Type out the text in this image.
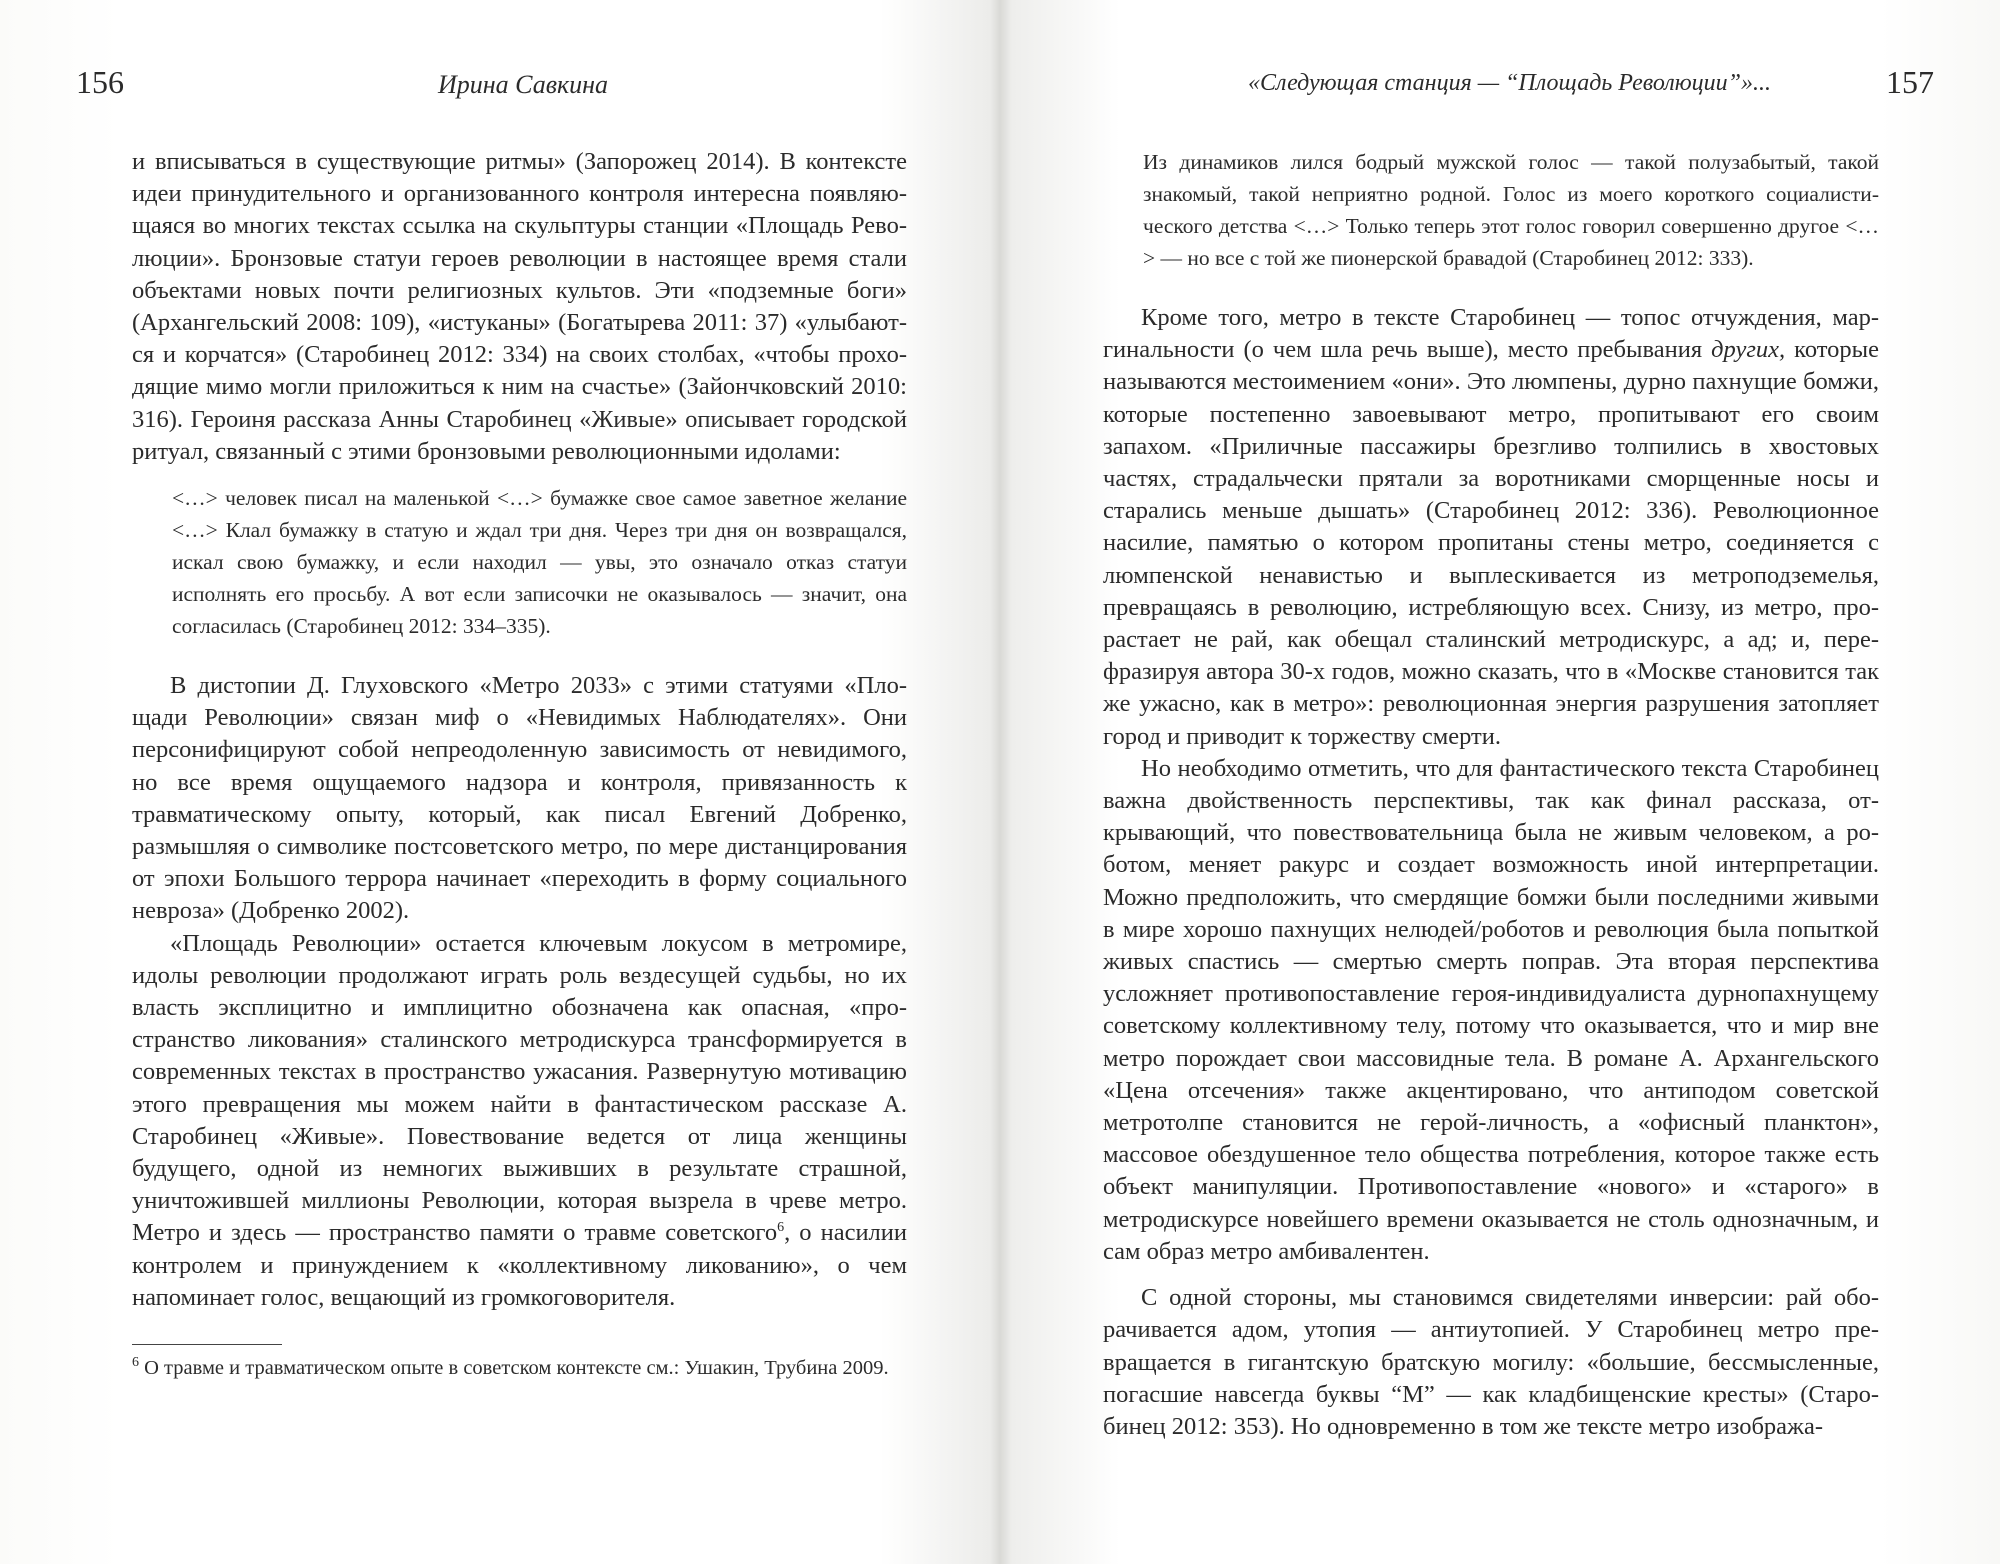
156	Ирина Савкина

и вписываться в существующие ритмы» (Запорожец 2014). В контексте идеи принудительного и организованного контроля интересна появляющаяся во многих текстах ссылка на скульптуры станции «Площадь Революции». Бронзовые статуи героев революции в настоящее время стали объектами новых почти религиозных культов. Эти «подземные боги» (Архангельский 2008: 109), «истуканы» (Богатырева 2011: 37) «улыбаются и корчатся» (Старобинец 2012: 334) на своих столбах, «чтобы проходящие мимо могли приложиться к ним на счастье» (Зайончковский 2010: 316). Героиня рассказа Анны Старобинец «Живые» описывает городской ритуал, связанный с этими бронзовыми революционными идолами:

<…> человек писал на маленькой <…> бумажке свое самое заветное желание <…> Клал бумажку в статую и ждал три дня. Через три дня он возвращался, искал свою бумажку, и если находил — увы, это означало отказ статуи исполнять его просьбу. А вот если записочки не оказывалось — значит, она согласилась (Старобинец 2012: 334–335).

В дистопии Д. Глуховского «Метро 2033» с этими статуями «Площади Революции» связан миф о «Невидимых Наблюдателях». Они персонифицируют собой непреодоленную зависимость от невидимого, но все время ощущаемого надзора и контроля, привязанность к травматическому опыту, который, как писал Евгений Добренко, размышляя о символике постсоветского метро, по мере дистанцирования от эпохи Большого террора начинает «переходить в форму социального невроза» (Добренко 2002).

«Площадь Революции» остается ключевым локусом в метромире, идолы революции продолжают играть роль вездесущей судьбы, но их власть эксплицитно и имплицитно обозначена как опасная, «пространство ликования» сталинского метродискурса трансформируется в современных текстах в пространство ужасания. Развернутую мотивацию этого превращения мы можем найти в фантастическом рассказе А. Старобинец «Живые». Повествование ведется от лица женщины будущего, одной из немногих выживших в результате страшной, уничтожившей миллионы Революции, которая вызрела в чреве метро. Метро и здесь — пространство памяти о травме советского$^6$, о насилии контролем и принуждением к «коллективному ликованию», о чем напоминает голос, вещающий из громкоговорителя.

$^6$ О травме и травматическом опыте в советском контексте см.: Ушакин, Трубина 2009.

«Следующая станция — “Площадь Революции”»...	157

Из динамиков лился бодрый мужской голос — такой полузабытый, такой знакомый, такой неприятно родной. Голос из моего короткого социалистического детства <…> Только теперь этот голос говорил совершенно другое <…> — но все с той же пионерской бравадой (Старобинец 2012: 333).

Кроме того, метро в тексте Старобинец — топос отчуждения, маргинальности (о чем шла речь выше), место пребывания других, которые называются местоимением «они». Это люмпены, дурно пахнущие бомжи, которые постепенно завоевывают метро, пропитывают его своим запахом. «Приличные пассажиры брезгливо толпились в хвостовых частях, страдальчески прятали за воротниками сморщенные носы и старались меньше дышать» (Старобинец 2012: 336). Революционное насилие, памятью о котором пропитаны стены метро, соединяется с люмпенской ненавистью и выплескивается из метроподземелья, превращаясь в революцию, истребляющую всех. Снизу, из метро, прорастает не рай, как обещал сталинский метродискурс, а ад; и, перефразируя автора 30-х годов, можно сказать, что в «Москве становится так же ужасно, как в метро»: революционная энергия разрушения затопляет город и приводит к торжеству смерти.

Но необходимо отметить, что для фантастического текста Старобинец важна двойственность перспективы, так как финал рассказа, открывающий, что повествовательница была не живым человеком, а роботом, меняет ракурс и создает возможность иной интерпретации. Можно предположить, что смердящие бомжи были последними живыми в мире хорошо пахнущих нелюдей/роботов и революция была попыткой живых спастись — смертью смерть поправ. Эта вторая перспектива усложняет противопоставление героя-индивидуалиста дурнопахнущему советскому коллективному телу, потому что оказывается, что и мир вне метро порождает свои массовидные тела. В романе А. Архангельского «Цена отсечения» также акцентировано, что антиподом советской метротолпе становится не герой-личность, а «офисный планктон», массовое обездушенное тело общества потребления, которое также есть объект манипуляции. Противопоставление «нового» и «старого» в метродискурсе новейшего времени оказывается не столь однозначным, и сам образ метро амбивалентен.

С одной стороны, мы становимся свидетелями инверсии: рай оборачивается адом, утопия — антиутопией. У Старобинец метро превращается в гигантскую братскую могилу: «большие, бессмысленные, погасшие навсегда буквы “М” — как кладбищенские кресты» (Старобинец 2012: 353). Но одновременно в том же тексте метро изобража-
